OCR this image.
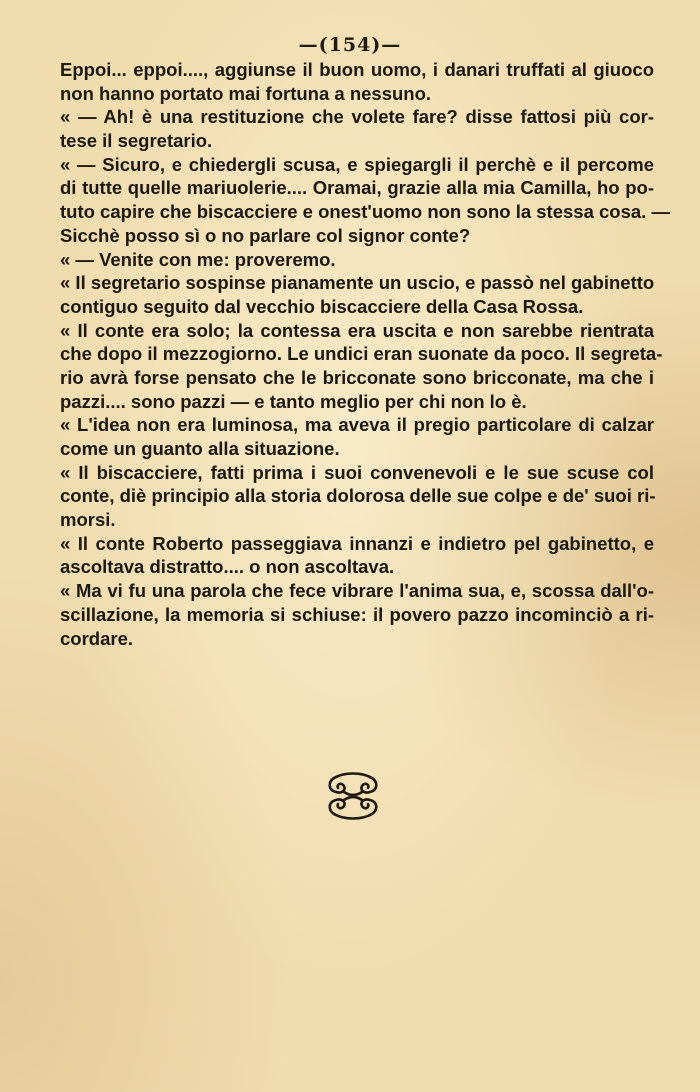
—(154)—
Eppoi... eppoi...., aggiunse il buon uomo, i danari truffati al giuoco
non hanno portato mai fortuna a nessuno.
« — Ah! è una restituzione che volete fare? disse fattosi più cor-
tese il segretario.
« — Sicuro, e chiedergli scusa, e spiegargli il perchè e il percome
di tutte quelle mariuolerie.... Oramai, grazie alla mia Camilla, ho po-
tuto capire che biscacciere e onest'uomo non sono la stessa cosa. —
Sicchè posso sì o no parlare col signor conte?
« — Venite con me: proveremo.
« Il segretario sospinse pianamente un uscio, e passò nel gabinetto
contiguo seguito dal vecchio biscacciere della Casa Rossa.
« Il conte era solo; la contessa era uscita e non sarebbe rientrata
che dopo il mezzogiorno. Le undici eran suonate da poco. Il segreta-
rio avrà forse pensato che le bricconate sono bricconate, ma che i
pazzi.... sono pazzi — e tanto meglio per chi non lo è.
« L'idea non era luminosa, ma aveva il pregio particolare di calzar
come un guanto alla situazione.
« Il biscacciere, fatti prima i suoi convenevoli e le sue scuse col
conte, diè principio alla storia dolorosa delle sue colpe e de' suoi ri-
morsi.
« Il conte Roberto passeggiava innanzi e indietro pel gabinetto, e
ascoltava distratto.... o non ascoltava.
« Ma vi fu una parola che fece vibrare l'anima sua, e, scossa dall'o-
scillazione, la memoria si schiuse: il povero pazzo incominciò a ri-
cordare.
